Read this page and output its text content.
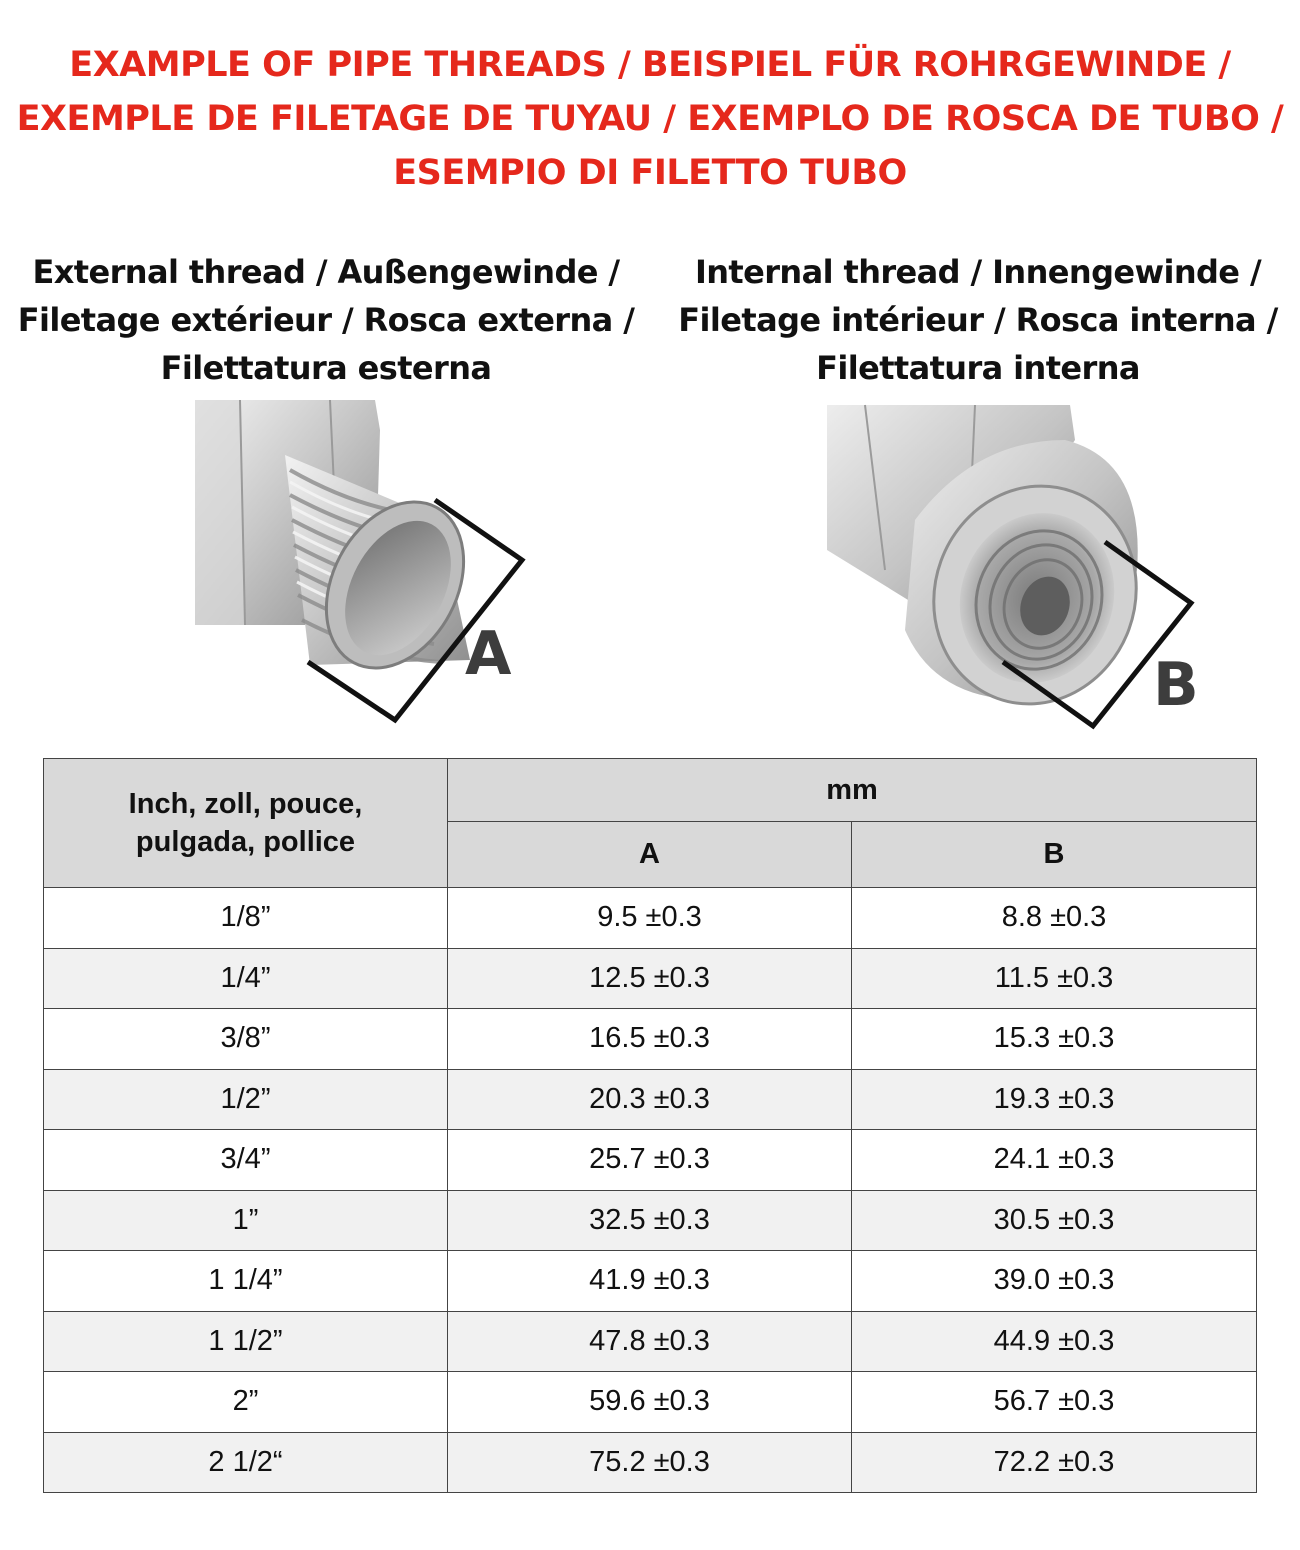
EXAMPLE OF PIPE THREADS / BEISPIEL FÜR ROHRGEWINDE /
EXEMPLE DE FILETAGE DE TUYAU / EXEMPLO DE ROSCA DE TUBO /
ESEMPIO DI FILETTO TUBO
External thread / Außengewinde /
Filetage extérieur / Rosca externa /
Filettatura esterna
Internal thread / Innengewinde /
Filetage intérieur / Rosca interna /
Filettatura interna
A	B
Inch, zoll, pouce,
pulgada, pollice	mm	
	A	B
1/8”	9.5 ±0.3	8.8 ±0.3
1/4”	12.5 ±0.3	11.5 ±0.3
3/8”	16.5 ±0.3	15.3 ±0.3
1/2”	20.3 ±0.3	19.3 ±0.3
3/4”	25.7 ±0.3	24.1 ±0.3
1”	32.5 ±0.3	30.5 ±0.3
1 1/4”	41.9 ±0.3	39.0 ±0.3
1 1/2”	47.8 ±0.3	44.9 ±0.3
2”	59.6 ±0.3	56.7 ±0.3
2 1/2“	75.2 ±0.3	72.2 ±0.3
